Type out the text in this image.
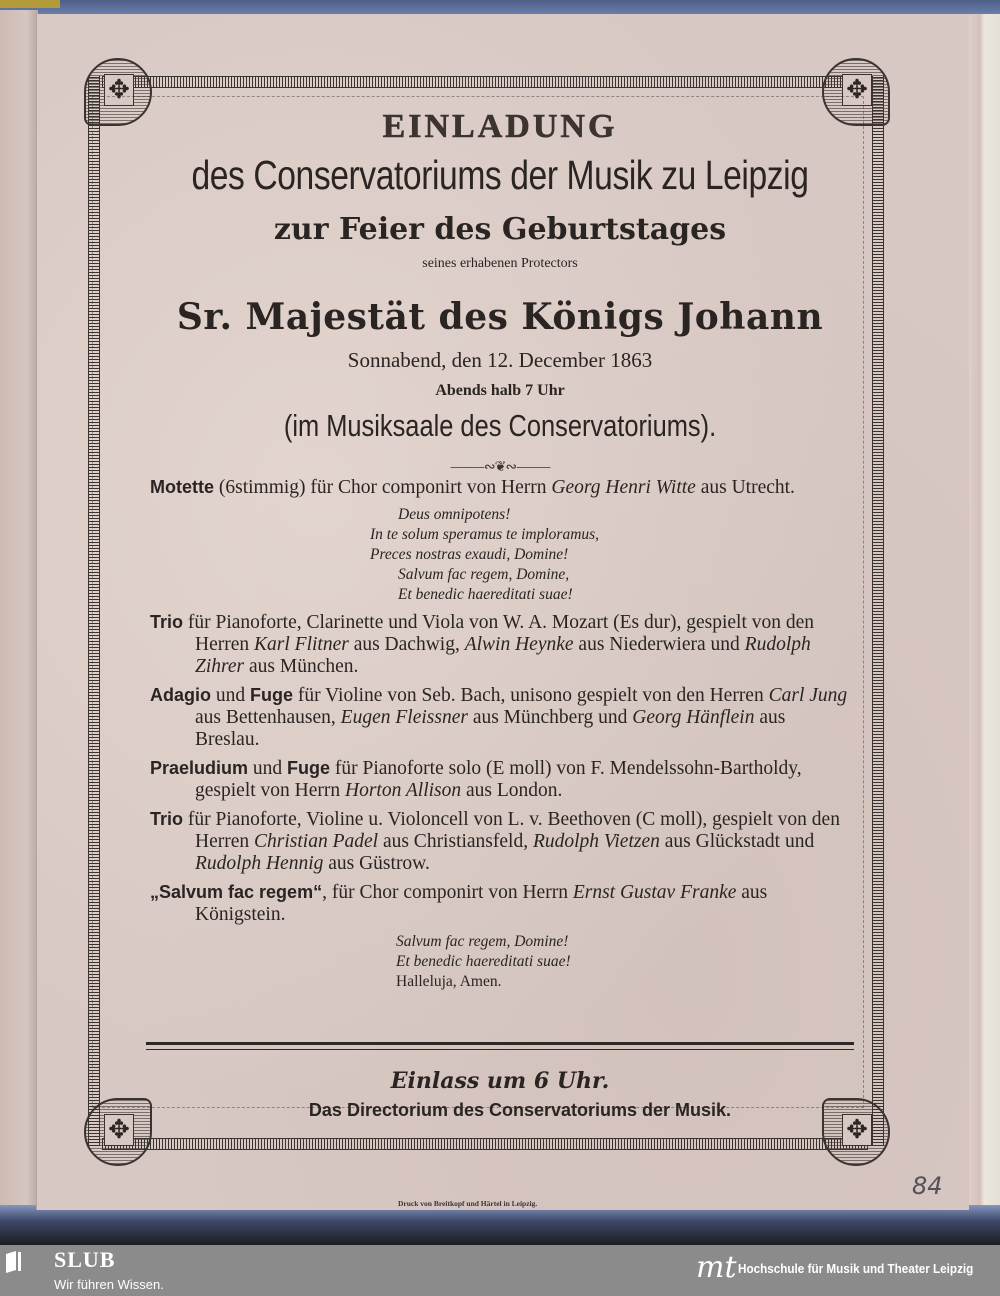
✥
✥
✥
✥
EINLADUNG
des Conservatoriums der Musik zu Leipzig
zur Feier des Geburtstages
seines erhabenen Protectors
Sr. Majestät des Königs Johann
Sonnabend, den 12. December 1863
Abends halb 7 Uhr
(im Musiksaale des Conservatoriums).
⸻∾❦∾⸻
Motette (6stimmig) für Chor componirt von Herrn Georg Henri Witte aus Utrecht.
Deus omnipotens!
In te solum speramus te imploramus,
Preces nostras exaudi, Domine!
Salvum fac regem, Domine,
Et benedic haereditati suae!
Trio für Pianoforte, Clarinette und Viola von W. A. Mozart (Es dur), gespielt von den Herren Karl Flitner aus Dachwig, Alwin Heynke aus Niederwiera und Rudolph Zihrer aus München.
Adagio und Fuge für Violine von Seb. Bach, unisono gespielt von den Herren Carl Jung aus Bettenhausen, Eugen Fleissner aus Münchberg und Georg Hänflein aus Breslau.
Praeludium und Fuge für Pianoforte solo (E moll) von F. Mendelssohn-Bartholdy, gespielt von Herrn Horton Allison aus London.
Trio für Pianoforte, Violine u. Violoncell von L. v. Beethoven (C moll), gespielt von den Herren Christian Padel aus Christiansfeld, Rudolph Vietzen aus Glückstadt und Rudolph Hennig aus Güstrow.
„Salvum fac regem“, für Chor componirt von Herrn Ernst Gustav Franke aus Königstein.
Salvum fac regem, Domine!
Et benedic haereditati suae!
Halleluja, Amen.
Einlass um 6 Uhr.
Das Directorium des Conservatoriums der Musik.
Druck von Breitkopf und Härtel in Leipzig.
84
SLUB
Wir führen Wissen.	mt Hochschule für Musik und Theater Leipzig
